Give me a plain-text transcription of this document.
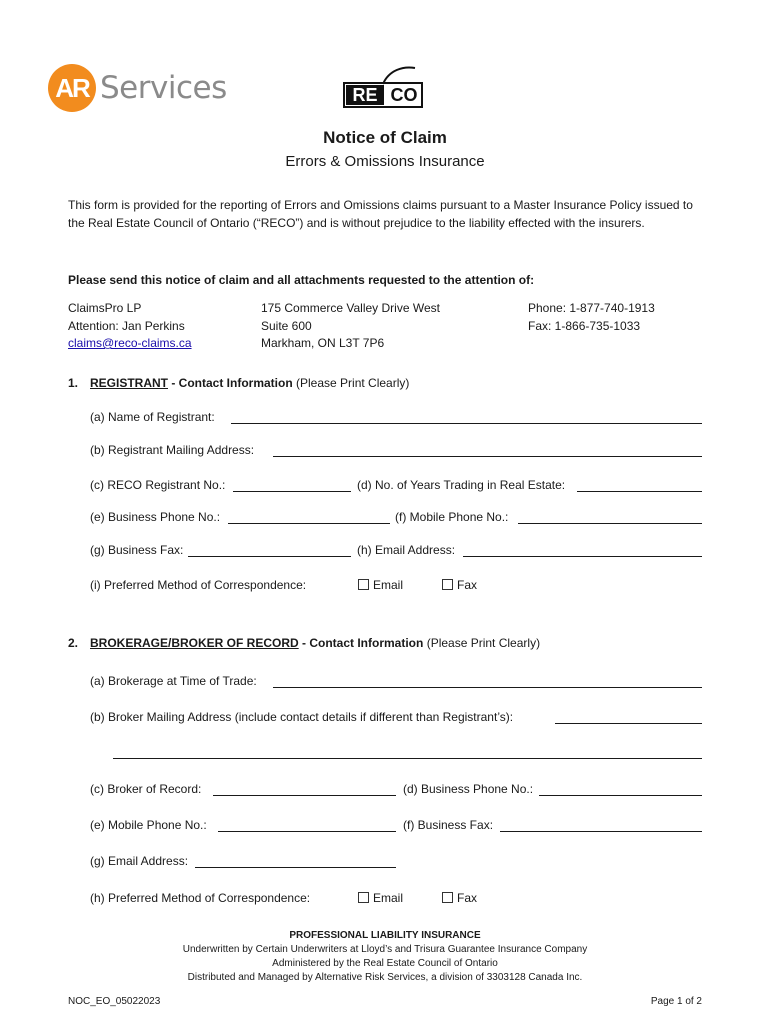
AR Services	RE CO
Notice of Claim
Errors & Omissions Insurance
This form is provided for the reporting of Errors and Omissions claims pursuant to a Master Insurance Policy issued to the Real Estate Council of Ontario (“RECO”) and is without prejudice to the liability effected with the insurers.
Please send this notice of claim and all attachments requested to the attention of:
ClaimsPro LP
Attention: Jan Perkins
claims@reco-claims.ca
175 Commerce Valley Drive West
Suite 600
Markham, ON L3T 7P6
Phone: 1-877-740-1913
Fax: 1-866-735-1033
1. REGISTRANT - Contact Information (Please Print Clearly)
(a) Name of Registrant:
(b) Registrant Mailing Address:
(c) RECO Registrant No.:	(d) No. of Years Trading in Real Estate:
(e) Business Phone No.:	(f) Mobile Phone No.:
(g) Business Fax:	(h) Email Address:
(i) Preferred Method of Correspondence:	Email	Fax
2. BROKERAGE/BROKER OF RECORD - Contact Information (Please Print Clearly)
(a) Brokerage at Time of Trade:
(b) Broker Mailing Address (include contact details if different than Registrant’s):
(c) Broker of Record:	(d) Business Phone No.:
(e) Mobile Phone No.:	(f) Business Fax:
(g) Email Address:
(h) Preferred Method of Correspondence:	Email	Fax
PROFESSIONAL LIABILITY INSURANCE
Underwritten by Certain Underwriters at Lloyd’s and Trisura Guarantee Insurance Company
Administered by the Real Estate Council of Ontario
Distributed and Managed by Alternative Risk Services, a division of 3303128 Canada Inc.
NOC_EO_05022023	Page 1 of 2
